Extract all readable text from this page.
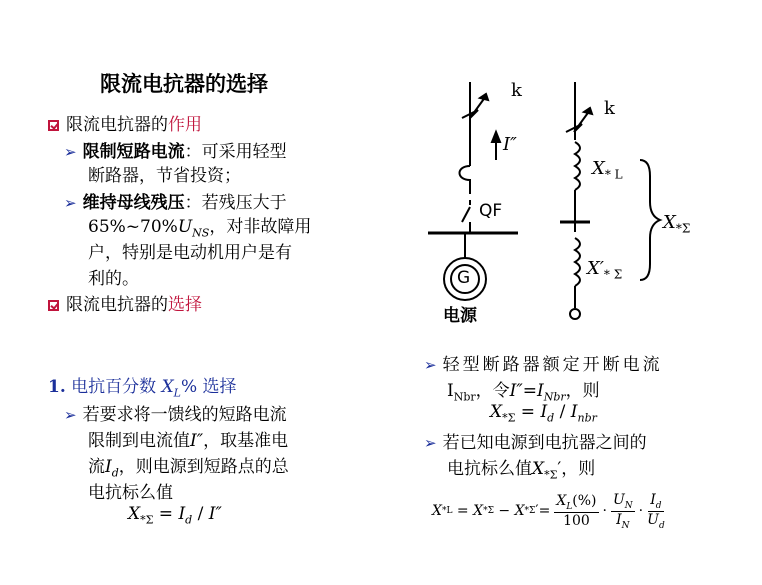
限流电抗器的选择
限流电抗器的作用
➢ 限制短路电流：可采用轻型
断路器，节省投资；
➢ 维持母线残压：若残压大于
$65\%\sim 70\%U_{NS}$，对非故障用
户，特别是电动机用户是有
利的。
限流电抗器的选择
1. 电抗百分数 $X_L\%$ 选择
➢ 若要求将一馈线的短路电流
限制到电流值I″，取基准电
流$I_d$，则电源到短路点的总
电抗标么值
$X_{*\Sigma} = I_d / I''$
k
k
I″
QF
G
电源
$X_{* L}$
$X'_{* \Sigma}$
$X_{*\Sigma}$
➢ 轻型断路器额定开断电流
$I_{Nbr}$，令$I''=I_{Nbr}$，则
$X_{*\Sigma} = I_d / I_{nbr}$
➢ 若已知电源到电抗器之间的
电抗标么值$X_{*\Sigma}'$，则
X *L = X *Σ − X *Σ ′ = $\frac{X_L(\%)}{100}$ ·
$U_N$
$I_N$
·
$I_d$
$U_d$
